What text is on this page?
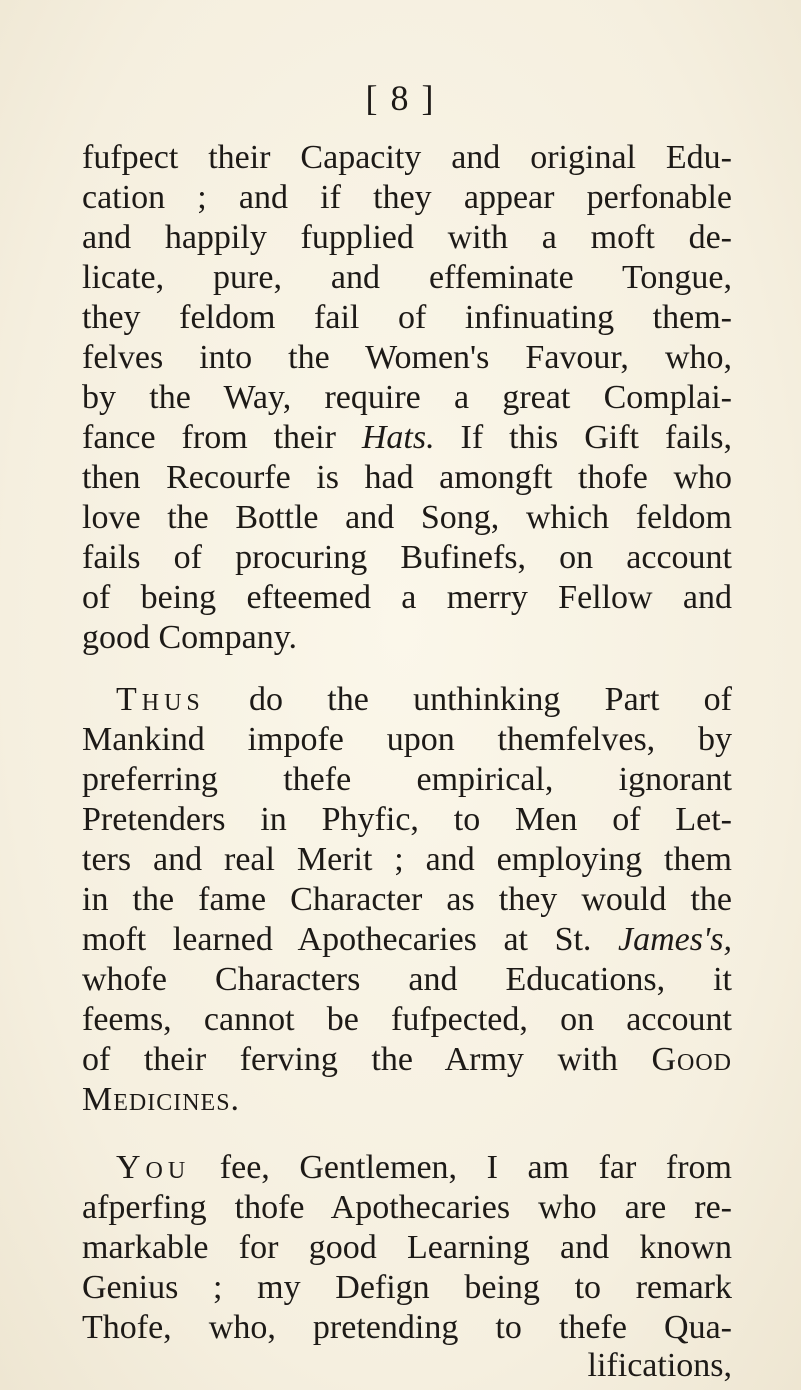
[ 8 ]
fufpect their Capacity and original Edu-
cation ; and if they appear perfonable
and happily fupplied with a moft de-
licate, pure, and effeminate Tongue,
they feldom fail of infinuating them-
felves into the Women's Favour, who,
by the Way, require a great Complai-
fance from their Hats. If this Gift fails,
then Recourfe is had amongft thofe who
love the Bottle and Song, which feldom
fails of procuring Bufinefs, on account
of being efteemed a merry Fellow and
good Company.
Thus do the unthinking Part of
Mankind impofe upon themfelves, by
preferring thefe empirical, ignorant
Pretenders in Phyfic, to Men of Let-
ters and real Merit ; and employing them
in the fame Character as they would the
moft learned Apothecaries at St. James's,
whofe Characters and Educations, it
feems, cannot be fufpected, on account
of their ferving the Army with Good
Medicines.
You fee, Gentlemen, I am far from
afperfing thofe Apothecaries who are re-
markable for good Learning and known
Genius ; my Defign being to remark
Thofe, who, pretending to thefe Qua-
lifications,
